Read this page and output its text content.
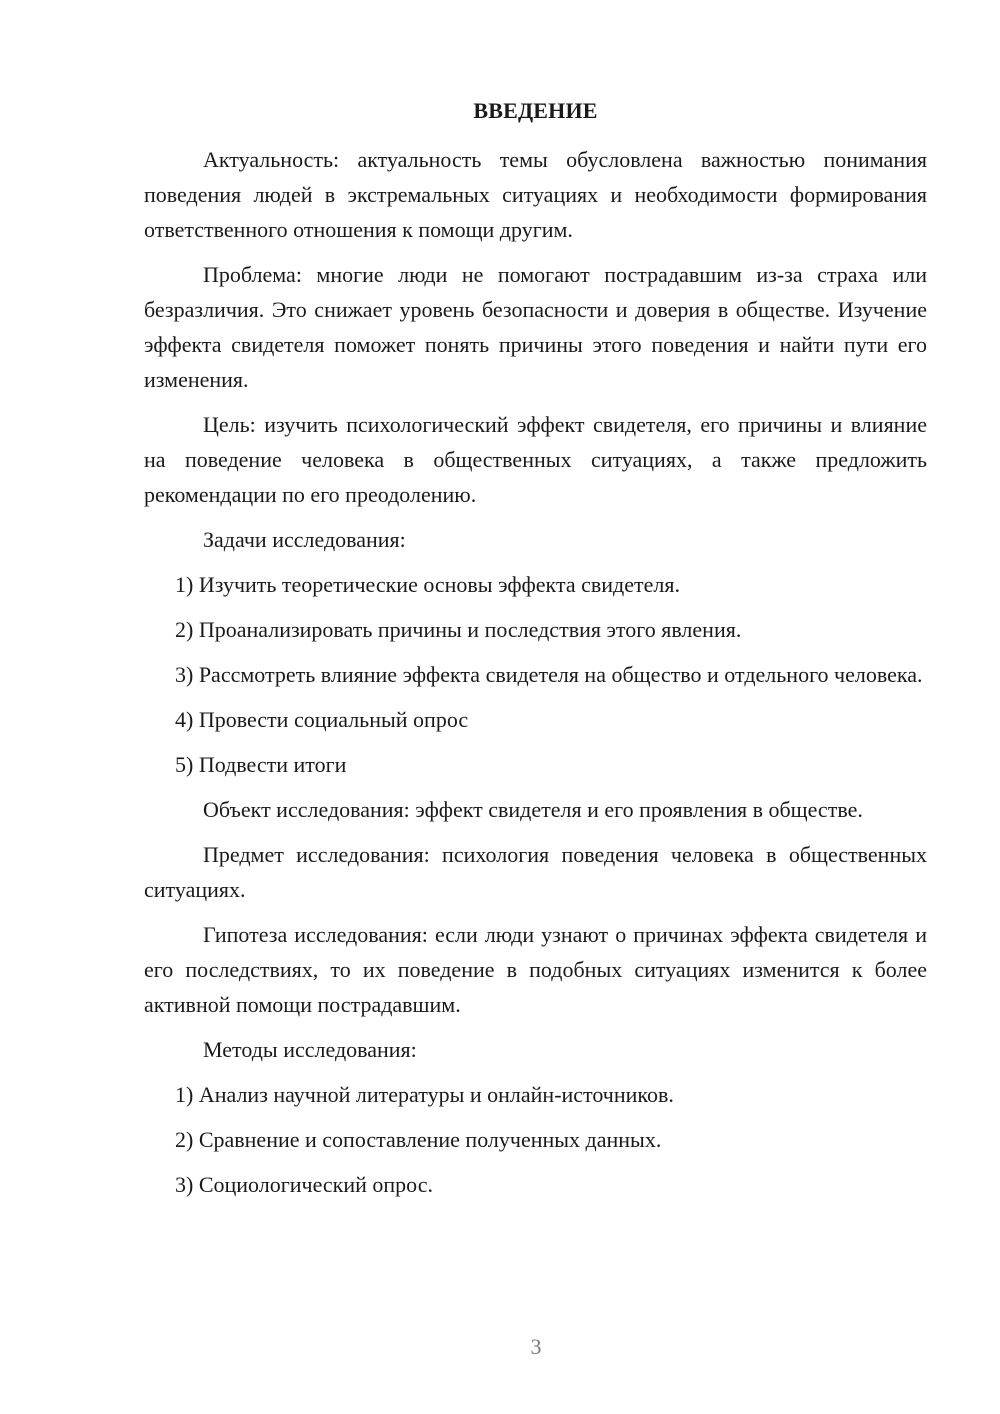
ВВЕДЕНИЕ

Актуальность: актуальность темы обусловлена важностью понимания поведения людей в экстремальных ситуациях и необходимости формирования ответственного отношения к помощи другим.

Проблема: многие люди не помогают пострадавшим из-за страха или безразличия. Это снижает уровень безопасности и доверия в обществе. Изучение эффекта свидетеля поможет понять причины этого поведения и найти пути его изменения.

Цель: изучить психологический эффект свидетеля, его причины и влияние на поведение человека в общественных ситуациях, а также предложить рекомендации по его преодолению.

Задачи исследования:

1) Изучить теоретические основы эффекта свидетеля.

2) Проанализировать причины и последствия этого явления.

3) Рассмотреть влияние эффекта свидетеля на общество и отдельного человека.

4) Провести социальный опрос

5) Подвести итоги

Объект исследования: эффект свидетеля и его проявления в обществе.

Предмет исследования: психология поведения человека в общественных ситуациях.

Гипотеза исследования: если люди узнают о причинах эффекта свидетеля и его последствиях, то их поведение в подобных ситуациях изменится к более активной помощи пострадавшим.

Методы исследования:

1) Анализ научной литературы и онлайн-источников.

2) Сравнение и сопоставление полученных данных.

3) Социологический опрос.

3
